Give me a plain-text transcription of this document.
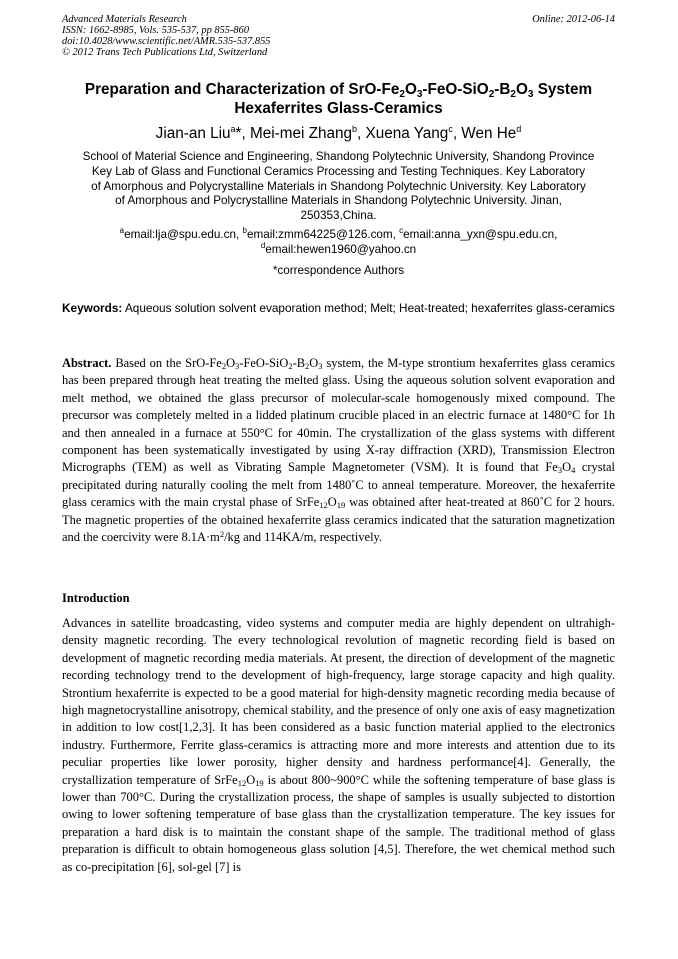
Advanced Materials Research
ISSN: 1662-8985, Vols. 535-537, pp 855-860
doi:10.4028/www.scientific.net/AMR.535-537.855
© 2012 Trans Tech Publications Ltd, Switzerland
Online: 2012-06-14
Preparation and Characterization of SrO-$Fe_2O_3-FeO-SiO_2-B_2O_3$ System
Hexaferrites Glass-Ceramics
Jian-an Liu$^a$*, Mei-mei Zhang$^b$, Xuena Yang$^c$, Wen He$^d$
School of Material Science and Engineering, Shandong Polytechnic University, Shandong Province
Key Lab of Glass and Functional Ceramics Processing and Testing Techniques. Key Laboratory
of Amorphous and Polycrystalline Materials in Shandong Polytechnic University. Key Laboratory
of Amorphous and Polycrystalline Materials in Shandong Polytechnic University. Jinan,
250353,China.
$^a$email:lja@spu.edu.cn, $^b$email:zmm64225@126.com, $^c$email:anna_yxn@spu.edu.cn,
$^d$email:hewen1960@yahoo.cn
*correspondence Authors
Keywords: Aqueous solution solvent evaporation method; Melt; Heat-treated; hexaferrites glass-ceramics
Abstract. Based on the SrO-$Fe_2O_3-FeO-SiO_2-B_2O_3$ system, the M-type strontium hexaferrites glass ceramics has been prepared through heat treating the melted glass. Using the aqueous solution solvent evaporation and melt method, we obtained the glass precursor of molecular-scale homogenously mixed compound. The precursor was completely melted in a lidded platinum crucible placed in an electric furnace at 1480°C for 1h and then annealed in a furnace at 550°C for 40min. The crystallization of the glass systems with different component has been systematically investigated by using X-ray diffraction (XRD), Transmission Electron Micrographs (TEM) as well as Vibrating Sample Magnetometer (VSM). It is found that $Fe_3O_4$ crystal precipitated during naturally cooling the melt from 1480˚C to anneal temperature. Moreover, the hexaferrite glass ceramics with the main crystal phase of $SrFe_{12}O_{19}$ was obtained after heat-treated at 860˚C for 2 hours. The magnetic properties of the obtained hexaferrite glass ceramics indicated that the saturation magnetization and the coercivity were $8.1A\cdot m^2/kg$ and 114KA/m, respectively.
Introduction
Advances in satellite broadcasting, video systems and computer media are highly dependent on ultrahigh-density magnetic recording. The every technological revolution of magnetic recording field is based on development of magnetic recording media materials. At present, the direction of development of the magnetic recording technology trend to the development of high-frequency, large storage capacity and high quality. Strontium hexaferrite is expected to be a good material for high-density magnetic recording media because of high magnetocrystalline anisotropy, chemical stability, and the presence of only one axis of easy magnetization in addition to low cost[1,2,3]. It has been considered as a basic function material applied to the electronics industry. Furthermore, Ferrite glass-ceramics is attracting more and more interests and attention due to its peculiar properties like lower porosity, higher density and hardness performance[4]. Generally, the crystallization temperature of $SrFe_{12}O_{19}$ is about 800~900°C while the softening temperature of base glass is lower than 700°C. During the crystallization process, the shape of samples is usually subjected to distortion owing to lower softening temperature of base glass than the crystallization temperature. The key issues for preparation a hard disk is to maintain the constant shape of the sample. The traditional method of glass preparation is difficult to obtain homogeneous glass solution [4,5]. Therefore, the wet chemical method such as co-precipitation [6], sol-gel [7] is
